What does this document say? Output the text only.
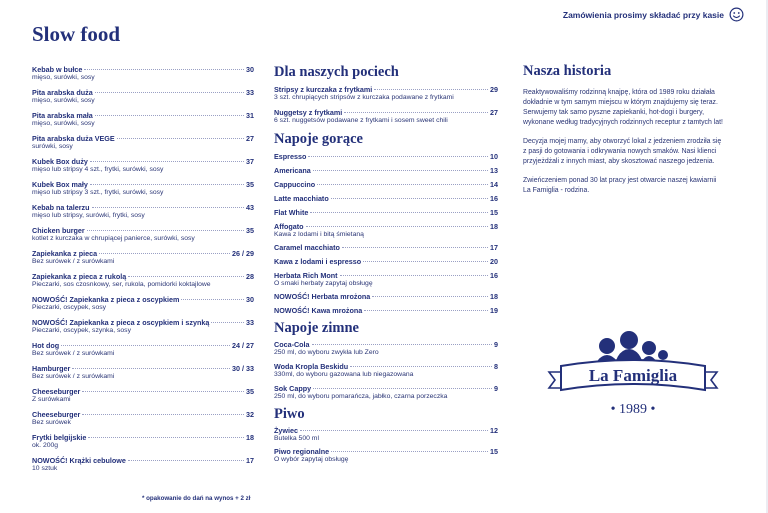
Slow food
Zamówienia prosimy składać przy kasie
Kebab w bułce	30
mięso, surówki, sosy
Pita arabska duża	33
mięso, surówki, sosy
Pita arabska mała	31
mięso, surówki, sosy
Pita arabska duża VEGE	27
surówki, sosy
Kubek Box duży	37
mięso lub stripsy 4 szt., frytki, surówki, sosy
Kubek Box mały	35
mięso lub stripsy 3 szt., frytki, surówki, sosy
Kebab na talerzu	43
mięso lub stripsy, surówki, frytki, sosy
Chicken burger	35
kotlet z kurczaka w chrupiącej panierce, surówki, sosy
Zapiekanka z pieca	26 / 29
Bez surówek / z surówkami
Zapiekanka z pieca z rukolą	28
Pieczarki, sos czosnkowy, ser, rukola, pomidorki koktajlowe
NOWOŚĆ! Zapiekanka z pieca z oscypkiem	30
Pieczarki, oscypek, sosy
NOWOŚĆ! Zapiekanka z pieca z oscypkiem i szynką	33
Pieczarki, oscypek, szynka, sosy
Hot dog	24 / 27
Bez surówek / z surówkami
Hamburger	30 / 33
Bez surówek / z surówkami
Cheeseburger	35
Z surówkami
Cheeseburger	32
Bez surówek
Frytki belgijskie	18
ok. 200g
NOWOŚĆ! Krążki cebulowe	17
10 sztuk
* opakowanie do dań na wynos + 2 zł
Dla naszych pociech
Stripsy z kurczaka z frytkami	29
3 szt. chrupiących stripsów z kurczaka podawane z frytkami
Nuggetsy z frytkami	27
6 szt. nuggetsów podawane z frytkami i sosem sweet chili
Napoje gorące
Espresso	10
Americana	13
Cappuccino	14
Latte macchiato	16
Flat White	15
Affogato	18
Kawa z lodami i bitą śmietaną
Caramel macchiato	17
Kawa z lodami i espresso	20
Herbata Rich Mont	16
O smaki herbaty zapytaj obsługę
NOWOŚĆ! Herbata mrożona	18
NOWOŚĆ! Kawa mrożona	19
Napoje zimne
Coca-Cola	9
250 ml, do wyboru zwykła lub Zero
Woda Kropla Beskidu	8
330ml, do wyboru gazowana lub niegazowana
Sok Cappy	9
250 ml, do wyboru pomarańcza, jabłko, czarna porzeczka
Piwo
Żywiec	12
Butelka 500 ml
Piwo regionalne	15
O wybór zapytaj obsługę
Nasza historia

Reaktywowaliśmy rodzinną knajpę, która od 1989 roku działała dokładnie w tym samym miejscu w którym znajdujemy się teraz. Serwujemy tak samo pyszne zapiekanki, hot-dogi i burgery, wykonane według tradycyjnych rodzinnych receptur z tamtych lat!

Decyzja mojej mamy, aby otworzyć lokal z jedzeniem zrodziła się z pasji do gotowania i odkrywania nowych smaków. Nasi klienci przyjeżdżali z innych miast, aby skosztować naszego jedzenia.

Zwieńczeniem ponad 30 lat pracy jest otwarcie naszej kawiarnii La Famiglia - rodzina.

La Famiglia
• 1989 •
